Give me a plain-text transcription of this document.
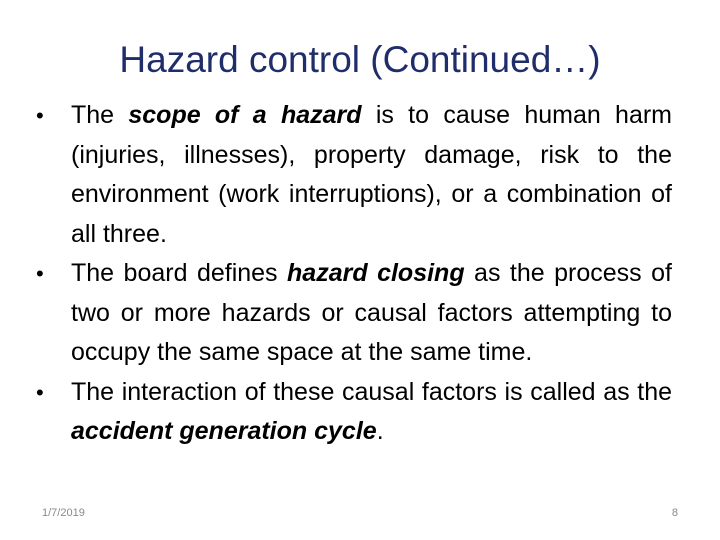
Hazard control (Continued…)
•	The scope of a hazard is to cause human harm (injuries, illnesses), property damage, risk to the environment (work interruptions), or a combination of all three.
•	The board defines hazard closing as the process of two or more hazards or causal factors attempting to occupy the same space at the same time.
•	The interaction of these causal factors is called as the accident generation cycle.
1/7/2019	8
